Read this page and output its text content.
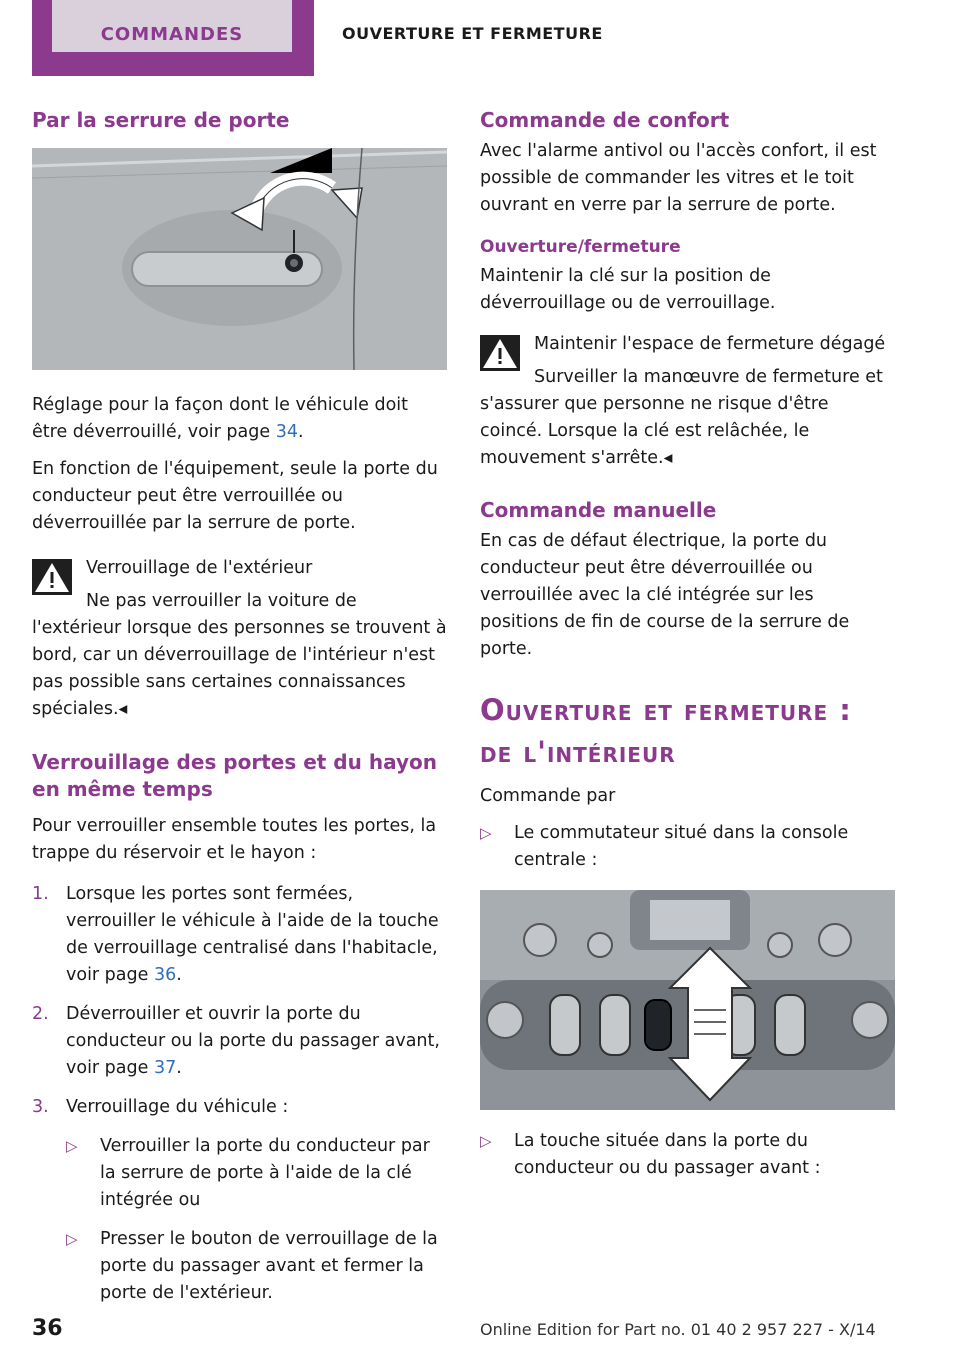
COMMANDES	OUVERTURE ET FERMETURE
Par la serrure de porte

Réglage pour la façon dont le véhicule doit être déverrouillé, voir page 34.

En fonction de l'équipement, seule la porte du conducteur peut être verrouillée ou déverrouillée par la serrure de porte.

Verrouillage de l'extérieur

Ne pas verrouiller la voiture de l'extérieur lorsque des personnes se trouvent à bord, car un déverrouillage de l'intérieur n'est pas possible sans certaines connaissances spéciales.◂

Verrouillage des portes et du hayon en même temps

Pour verrouiller ensemble toutes les portes, la trappe du réservoir et le hayon :

1. Lorsque les portes sont fermées, verrouiller le véhicule à l'aide de la touche de verrouillage centralisé dans l'habitacle, voir page 36.
2. Déverrouiller et ouvrir la porte du conducteur ou la porte du passager avant, voir page 37.
3. Verrouillage du véhicule :
▷ Verrouiller la porte du conducteur par la serrure de porte à l'aide de la clé intégrée ou
▷ Presser le bouton de verrouillage de la porte du passager avant et fermer la porte de l'extérieur.
Commande de confort

Avec l'alarme antivol ou l'accès confort, il est possible de commander les vitres et le toit ouvrant en verre par la serrure de porte.

Ouverture/fermeture

Maintenir la clé sur la position de déverrouillage ou de verrouillage.

Maintenir l'espace de fermeture dégagé

Surveiller la manœuvre de fermeture et s'assurer que personne ne risque d'être coincé. Lorsque la clé est relâchée, le mouvement s'arrête.◂

Commande manuelle

En cas de défaut électrique, la porte du conducteur peut être déverrouillée ou verrouillée avec la clé intégrée sur les positions de fin de course de la serrure de porte.

Ouverture et fermeture : de l'intérieur

Commande par

▷ Le commutateur situé dans la console centrale :
▷ La touche située dans la porte du conducteur ou du passager avant :
36	Online Edition for Part no. 01 40 2 957 227 - X/14
